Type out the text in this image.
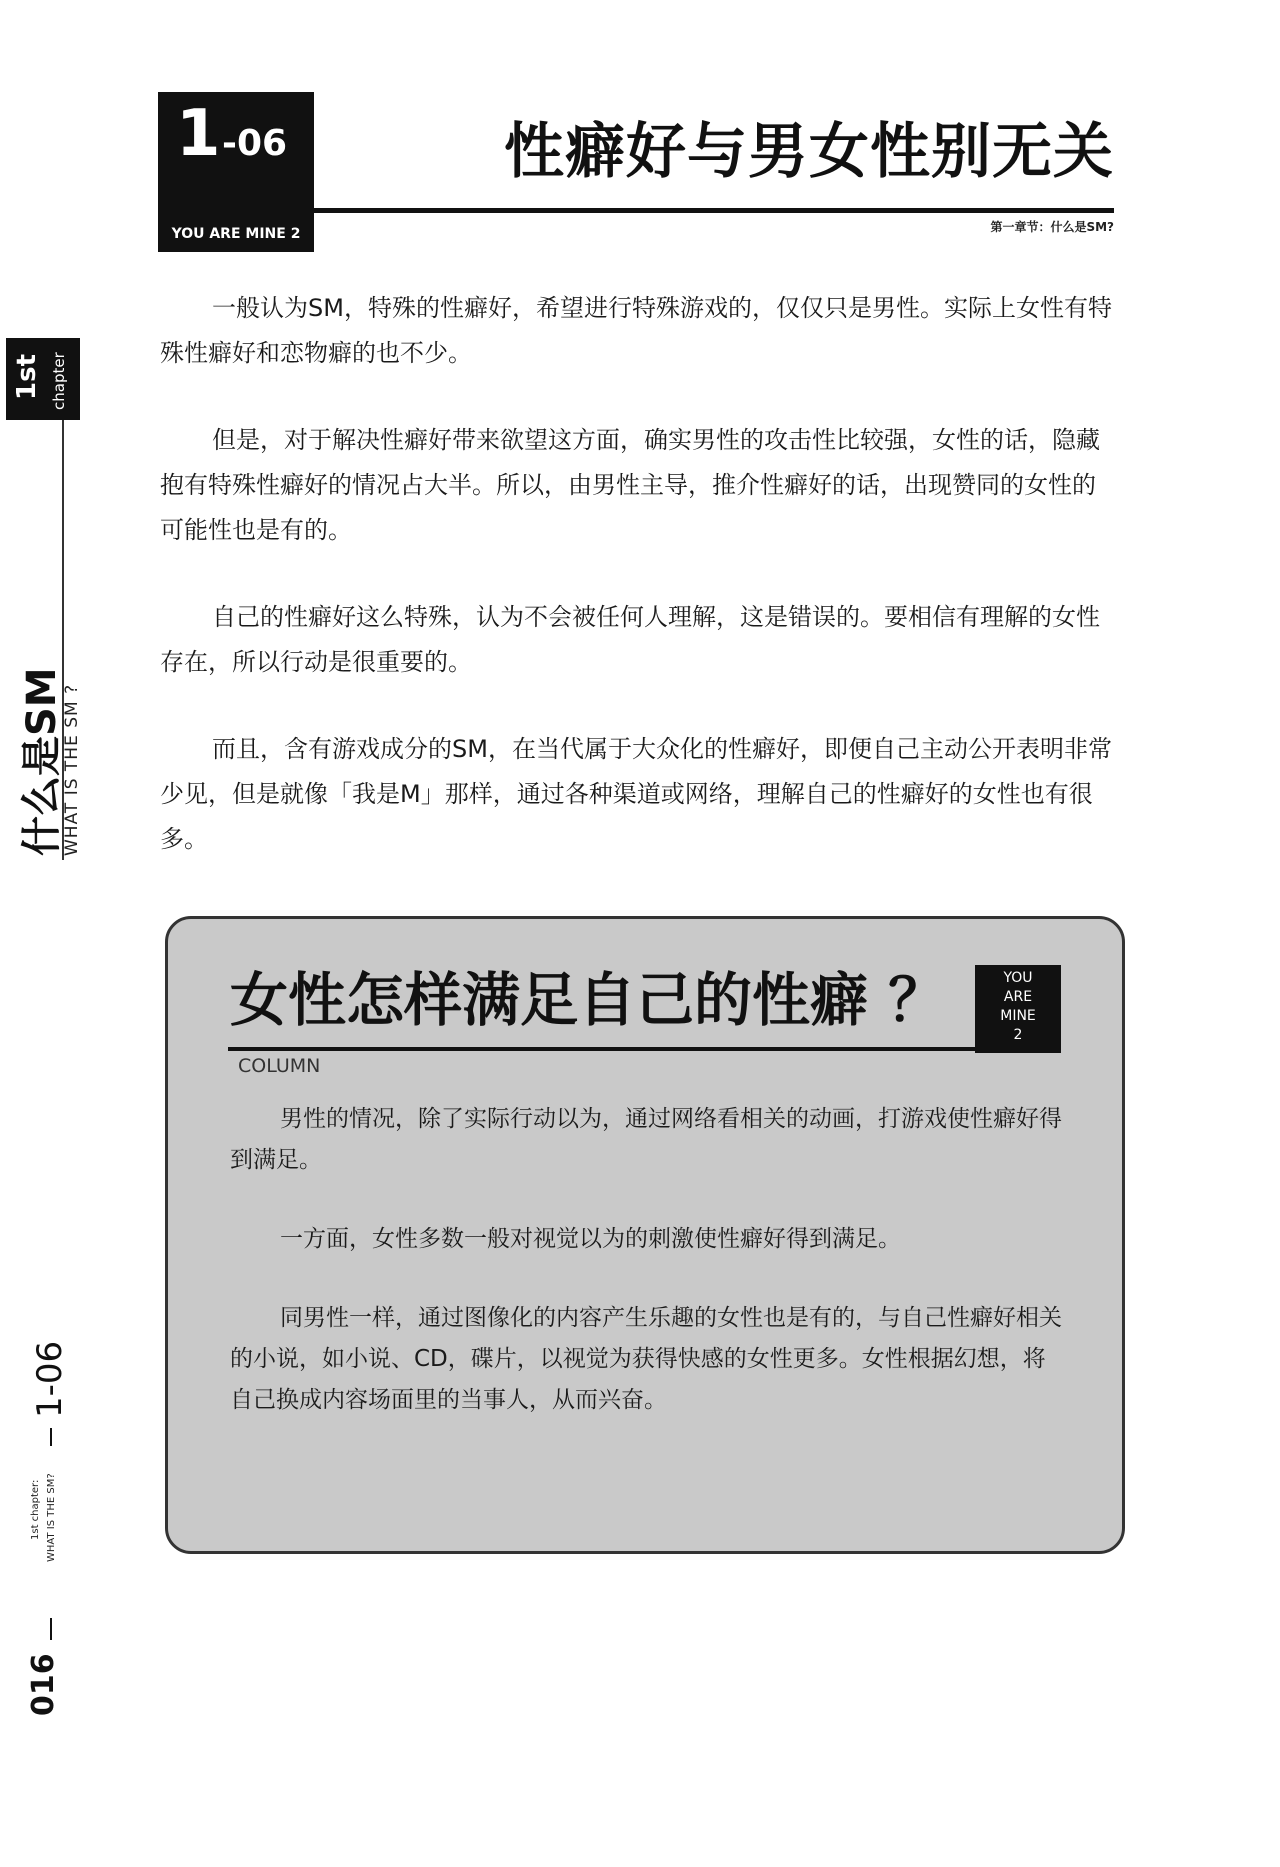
1 -06
YOU ARE MINE 2
性癖好与男女性别无关
第一章节：什么是SM?
1st chapter
什么是SM
WHAT IS THE SM ?
1-06
1st chapter: WHAT IS THE SM?
016

一般认为SM，特殊的性癖好，希望进行特殊游戏的，仅仅只是男性。实际上女性有特殊性癖好和恋物癖的也不少。

但是，对于解决性癖好带来欲望这方面，确实男性的攻击性比较强，女性的话，隐藏抱有特殊性癖好的情况占大半。所以，由男性主导，推介性癖好的话，出现赞同的女性的可能性也是有的。

自己的性癖好这么特殊，认为不会被任何人理解，这是错误的。要相信有理解的女性存在，所以行动是很重要的。

而且，含有游戏成分的SM，在当代属于大众化的性癖好，即便自己主动公开表明非常少见，但是就像「我是M」那样，通过各种渠道或网络，理解自己的性癖好的女性也有很多。

女性怎样满足自己的性癖 ？
COLUMN
YOU
ARE
MINE
2

男性的情况，除了实际行动以为，通过网络看相关的动画，打游戏使性癖好得到满足。

一方面，女性多数一般对视觉以为的刺激使性癖好得到满足。

同男性一样，通过图像化的内容产生乐趣的女性也是有的，与自己性癖好相关的小说，如小说、CD，碟片，以视觉为获得快感的女性更多。女性根据幻想，将自己换成内容场面里的当事人，从而兴奋。
